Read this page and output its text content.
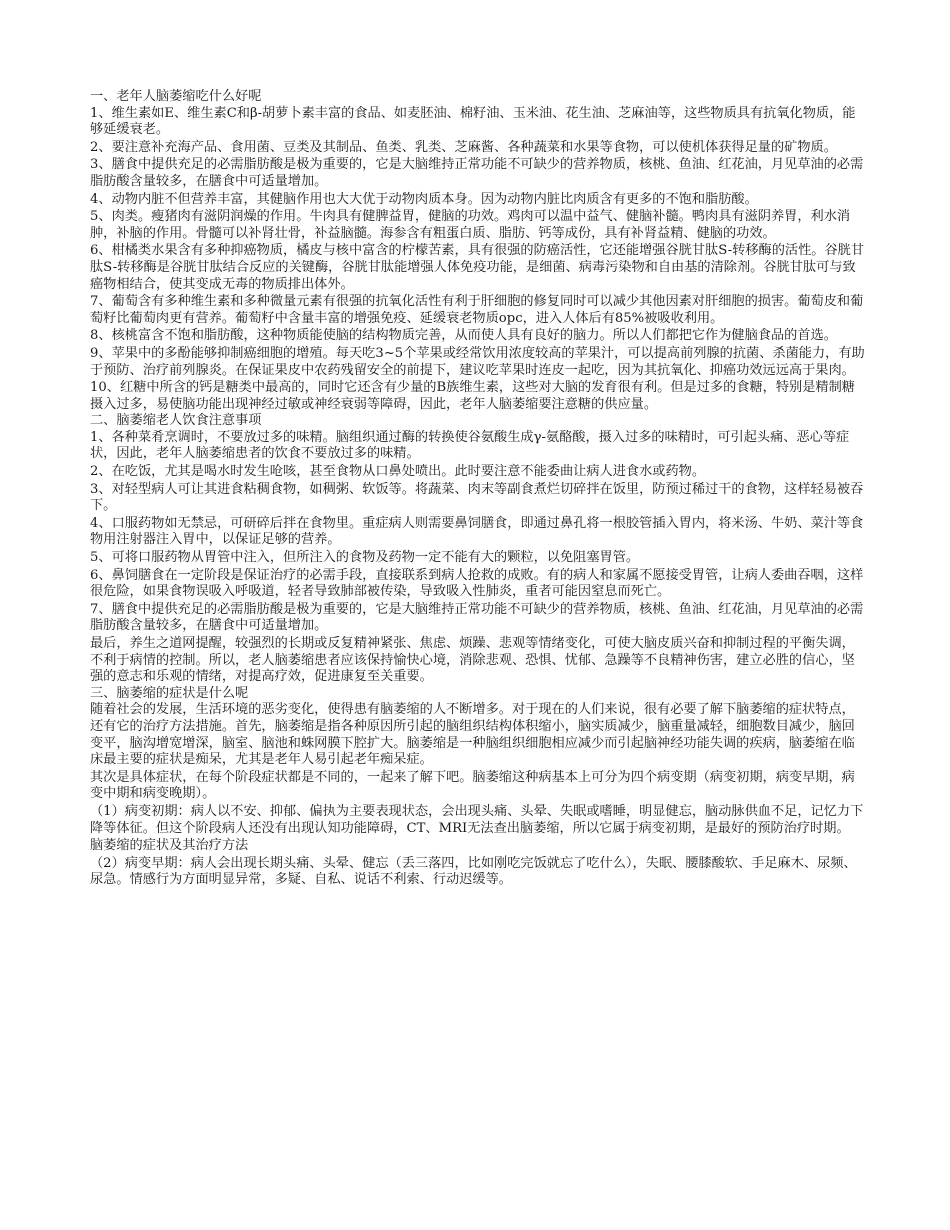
一、老年人脑萎缩吃什么好呢

1、维生素如E、维生素C和β-胡萝卜素丰富的食品、如麦胚油、棉籽油、玉米油、花生油、芝麻油等，这些物质具有抗氧化物质，能够延缓衰老。

2、要注意补充海产品、食用菌、豆类及其制品、鱼类、乳类、芝麻酱、各种蔬菜和水果等食物，可以使机体获得足量的矿物质。

3、膳食中提供充足的必需脂肪酸是极为重要的，它是大脑维持正常功能不可缺少的营养物质，核桃、鱼油、红花油，月见草油的必需脂肪酸含量较多，在膳食中可适量增加。

4、动物内脏不但营养丰富，其健脑作用也大大优于动物肉质本身。因为动物内脏比肉质含有更多的不饱和脂肪酸。

5、肉类。瘦猪肉有滋阴润燥的作用。牛肉具有健脾益胃，健脑的功效。鸡肉可以温中益气、健脑补髓。鸭肉具有滋阴养胃，利水消肿，补脑的作用。骨髓可以补肾壮骨，补益脑髓。海参含有粗蛋白质、脂肪、钙等成份，具有补肾益精、健脑的功效。

6、柑橘类水果含有多种抑癌物质，橘皮与核中富含的柠檬苦素，具有很强的防癌活性，它还能增强谷胱甘肽S-转移酶的活性。谷胱甘肽S-转移酶是谷胱甘肽结合反应的关键酶，谷胱甘肽能增强人体免疫功能，是细菌、病毒污染物和自由基的清除剂。谷胱甘肽可与致癌物相结合，使其变成无毒的物质排出体外。

7、葡萄含有多种维生素和多种微量元素有很强的抗氧化活性有利于肝细胞的修复同时可以减少其他因素对肝细胞的损害。葡萄皮和葡萄籽比葡萄肉更有营养。葡萄籽中含量丰富的增强免疫、延缓衰老物质opc，进入人体后有85%被吸收利用。

8、核桃富含不饱和脂肪酸，这种物质能使脑的结构物质完善，从而使人具有良好的脑力。所以人们都把它作为健脑食品的首选。

9、苹果中的多酚能够抑制癌细胞的增殖。每天吃3~5个苹果或经常饮用浓度较高的苹果汁，可以提高前列腺的抗菌、杀菌能力，有助于预防、治疗前列腺炎。在保证果皮中农药残留安全的前提下，建议吃苹果时连皮一起吃，因为其抗氧化、抑癌功效远远高于果肉。

10、红糖中所含的钙是糖类中最高的，同时它还含有少量的B族维生素，这些对大脑的发育很有利。但是过多的食糖，特别是精制糖摄入过多，易使脑功能出现神经过敏或神经衰弱等障碍，因此，老年人脑萎缩要注意糖的供应量。

二、脑萎缩老人饮食注意事项

1、各种菜肴烹调时，不要放过多的味精。脑组织通过酶的转换使谷氨酸生成γ-氨酪酸，摄入过多的味精时，可引起头痛、恶心等症状，因此，老年人脑萎缩患者的饮食不要放过多的味精。

2、在吃饭，尤其是喝水时发生呛咳，甚至食物从口鼻处喷出。此时要注意不能委曲让病人进食水或药物。

3、对轻型病人可让其进食粘稠食物，如稠粥、软饭等。将蔬菜、肉末等副食煮烂切碎拌在饭里，防预过稀过干的食物，这样轻易被吞下。

4、口服药物如无禁忌，可研碎后拌在食物里。重症病人则需要鼻饲膳食，即通过鼻孔将一根胶管插入胃内，将米汤、牛奶、菜汁等食物用注射器注入胃中，以保证足够的营养。

5、可将口服药物从胃管中注入，但所注入的食物及药物一定不能有大的颗粒，以免阻塞胃管。

6、鼻饲膳食在一定阶段是保证治疗的必需手段，直接联系到病人抢救的成败。有的病人和家属不愿接受胃管，让病人委曲吞咽，这样很危险，如果食物误吸入呼吸道，轻者导致肺部被传染，导致吸入性肺炎，重者可能因窒息而死亡。

7、膳食中提供充足的必需脂肪酸是极为重要的，它是大脑维持正常功能不可缺少的营养物质，核桃、鱼油、红花油，月见草油的必需脂肪酸含量较多，在膳食中可适量增加。

最后，养生之道网提醒，较强烈的长期或反复精神紧张、焦虑、烦躁、悲观等情绪变化，可使大脑皮质兴奋和抑制过程的平衡失调，不利于病情的控制。所以，老人脑萎缩患者应该保持愉快心境，消除悲观、恐惧、忧郁、急躁等不良精神伤害，建立必胜的信心，坚强的意志和乐观的情绪，对提高疗效，促进康复至关重要。

三、脑萎缩的症状是什么呢

随着社会的发展，生活环境的恶劣变化，使得患有脑萎缩的人不断增多。对于现在的人们来说，很有必要了解下脑萎缩的症状特点，还有它的治疗方法措施。首先，脑萎缩是指各种原因所引起的脑组织结构体积缩小，脑实质减少，脑重量减轻，细胞数目减少，脑回变平，脑沟增宽增深，脑室、脑池和蛛网膜下腔扩大。脑萎缩是一种脑组织细胞相应减少而引起脑神经功能失调的疾病，脑萎缩在临床最主要的症状是痴呆，尤其是老年人易引起老年痴呆症。

其次是具体症状，在每个阶段症状都是不同的，一起来了解下吧。脑萎缩这种病基本上可分为四个病变期（病变初期，病变早期，病变中期和病变晚期）。

（1）病变初期：病人以不安、抑郁、偏执为主要表现状态，会出现头痛、头晕、失眠或嗜睡，明显健忘，脑动脉供血不足，记忆力下降等体征。但这个阶段病人还没有出现认知功能障碍，CT、MRI无法查出脑萎缩，所以它属于病变初期，是最好的预防治疗时期。

脑萎缩的症状及其治疗方法

（2）病变早期：病人会出现长期头痛、头晕、健忘（丢三落四，比如刚吃完饭就忘了吃什么），失眠、腰膝酸软、手足麻木、尿频、尿急。情感行为方面明显异常，多疑、自私、说话不利索、行动迟缓等。
